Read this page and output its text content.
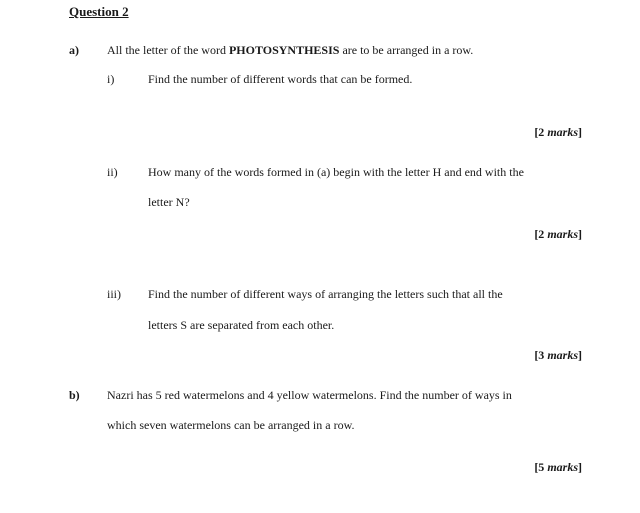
Question 2
a) All the letter of the word PHOTOSYNTHESIS are to be arranged in a row.
i)	Find the number of different words that can be formed.
[2 marks]
ii)	How many of the words formed in (a) begin with the letter H and end with the
letter N?
[2 marks]
iii) Find the number of different ways of arranging the letters such that all the
letters S are separated from each other.
[3 marks]
b) Nazri has 5 red watermelons and 4 yellow watermelons. Find the number of ways in
which seven watermelons can be arranged in a row.
[5 marks]
